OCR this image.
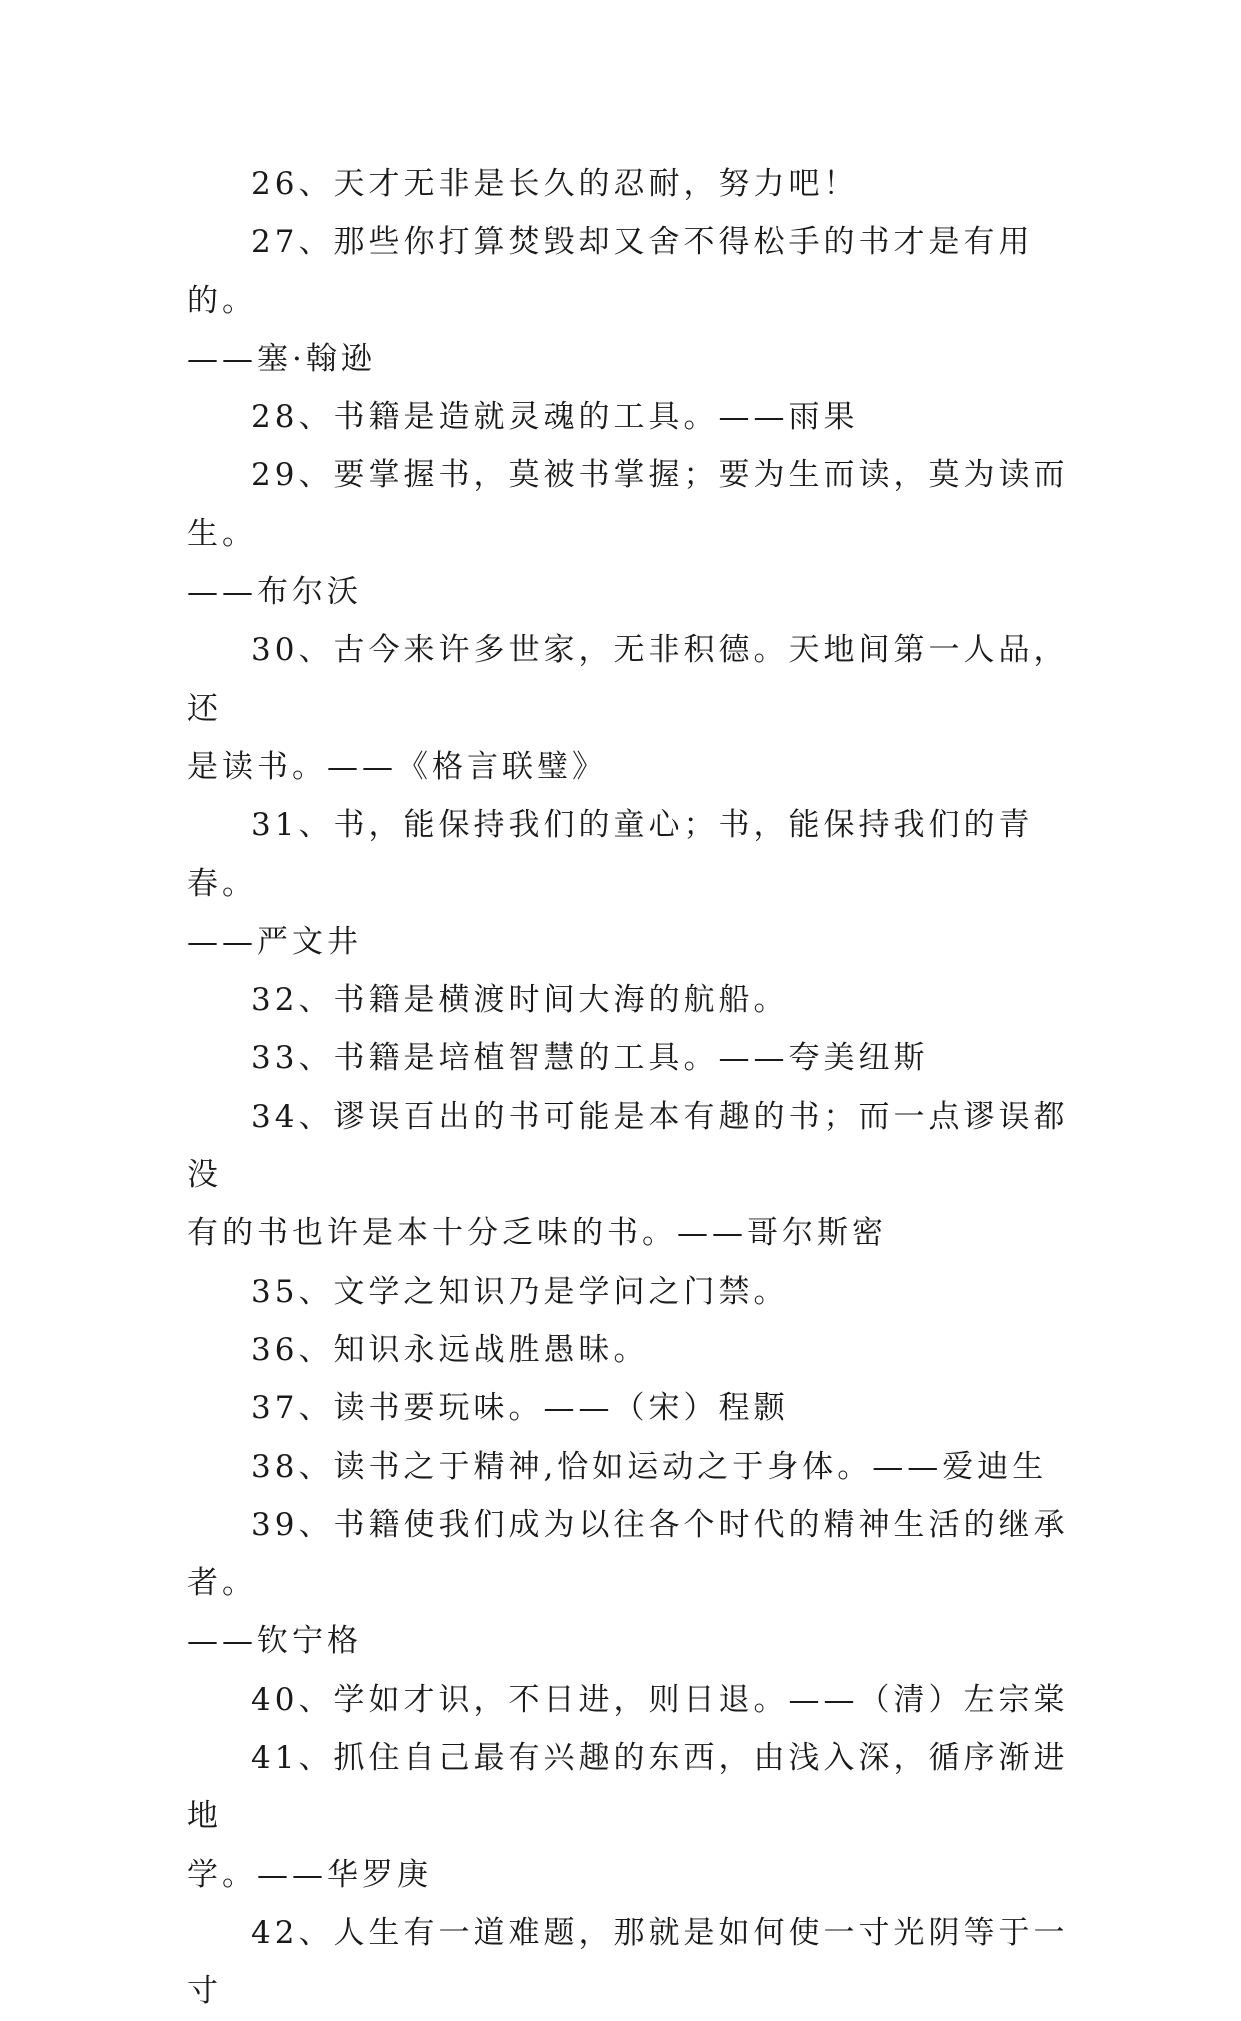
26、天才无非是长久的忍耐，努力吧！

27、那些你打算焚毁却又舍不得松手的书才是有用的。
——塞·翰逊

28、书籍是造就灵魂的工具。——雨果

29、要掌握书，莫被书掌握；要为生而读，莫为读而生。
——布尔沃

30、古今来许多世家，无非积德。天地间第一人品，还
是读书。——《格言联璧》

31、书，能保持我们的童心；书，能保持我们的青春。
——严文井

32、书籍是横渡时间大海的航船。

33、书籍是培植智慧的工具。——夸美纽斯

34、谬误百出的书可能是本有趣的书；而一点谬误都没
有的书也许是本十分乏味的书。——哥尔斯密

35、文学之知识乃是学问之门禁。

36、知识永远战胜愚昧。

37、读书要玩味。——（宋）程颢

38、读书之于精神,恰如运动之于身体。——爱迪生

39、书籍使我们成为以往各个时代的精神生活的继承者。
——钦宁格

40、学如才识，不日进，则日退。——（清）左宗棠

41、抓住自己最有兴趣的东西，由浅入深，循序渐进地
学。——华罗庚

42、人生有一道难题，那就是如何使一寸光阴等于一寸
